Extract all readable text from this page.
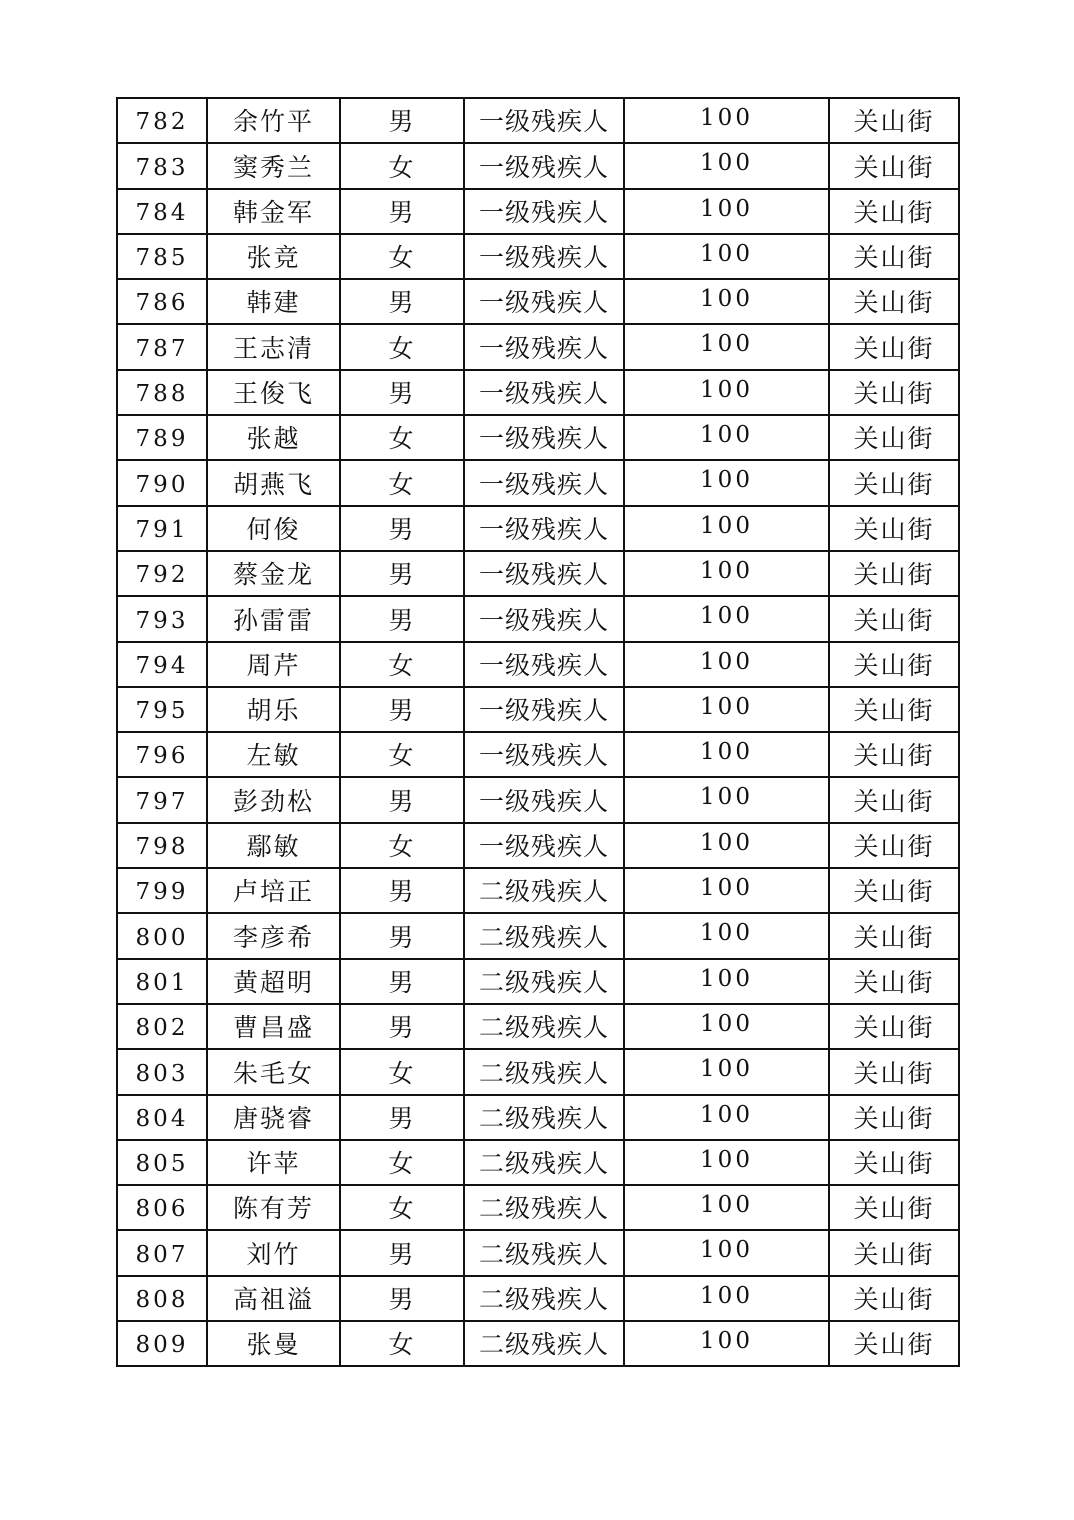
782	余竹平	男	一级残疾人	100	关山街
783	窦秀兰	女	一级残疾人	100	关山街
784	韩金军	男	一级残疾人	100	关山街
785	张竞	女	一级残疾人	100	关山街
786	韩建	男	一级残疾人	100	关山街
787	王志清	女	一级残疾人	100	关山街
788	王俊飞	男	一级残疾人	100	关山街
789	张越	女	一级残疾人	100	关山街
790	胡燕飞	女	一级残疾人	100	关山街
791	何俊	男	一级残疾人	100	关山街
792	蔡金龙	男	一级残疾人	100	关山街
793	孙雷雷	男	一级残疾人	100	关山街
794	周芹	女	一级残疾人	100	关山街
795	胡乐	男	一级残疾人	100	关山街
796	左敏	女	一级残疾人	100	关山街
797	彭劲松	男	一级残疾人	100	关山街
798	鄢敏	女	一级残疾人	100	关山街
799	卢培正	男	二级残疾人	100	关山街
800	李彦希	男	二级残疾人	100	关山街
801	黄超明	男	二级残疾人	100	关山街
802	曹昌盛	男	二级残疾人	100	关山街
803	朱毛女	女	二级残疾人	100	关山街
804	唐骁睿	男	二级残疾人	100	关山街
805	许苹	女	二级残疾人	100	关山街
806	陈有芳	女	二级残疾人	100	关山街
807	刘竹	男	二级残疾人	100	关山街
808	高祖溢	男	二级残疾人	100	关山街
809	张曼	女	二级残疾人	100	关山街
